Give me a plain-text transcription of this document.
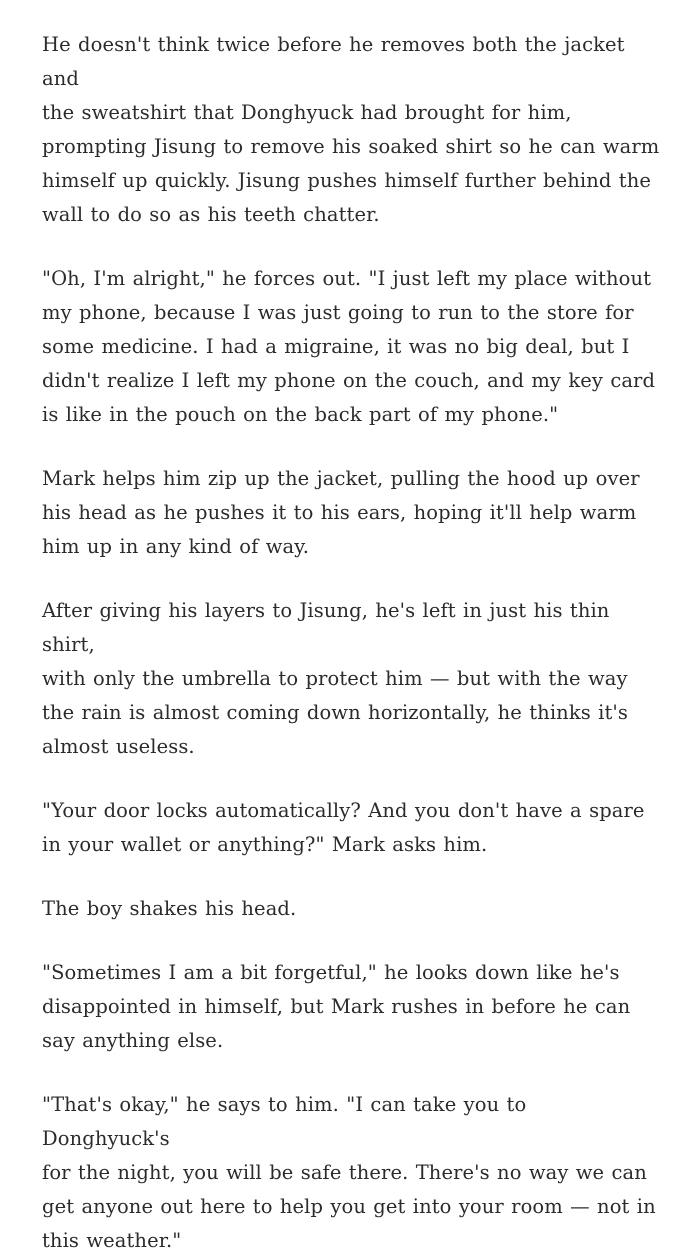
He doesn't think twice before he removes both the jacket and
the sweatshirt that Donghyuck had brought for him,
prompting Jisung to remove his soaked shirt so he can warm
himself up quickly. Jisung pushes himself further behind the
wall to do so as his teeth chatter.

"Oh, I'm alright," he forces out. "I just left my place without
my phone, because I was just going to run to the store for
some medicine. I had a migraine, it was no big deal, but I
didn't realize I left my phone on the couch, and my key card
is like in the pouch on the back part of my phone."

Mark helps him zip up the jacket, pulling the hood up over
his head as he pushes it to his ears, hoping it'll help warm
him up in any kind of way.

After giving his layers to Jisung, he's left in just his thin shirt,
with only the umbrella to protect him — but with the way
the rain is almost coming down horizontally, he thinks it's
almost useless.

"Your door locks automatically? And you don't have a spare
in your wallet or anything?" Mark asks him.

The boy shakes his head.

"Sometimes I am a bit forgetful," he looks down like he's
disappointed in himself, but Mark rushes in before he can
say anything else.

"That's okay," he says to him. "I can take you to Donghyuck's
for the night, you will be safe there. There's no way we can
get anyone out here to help you get into your room — not in
this weather."
